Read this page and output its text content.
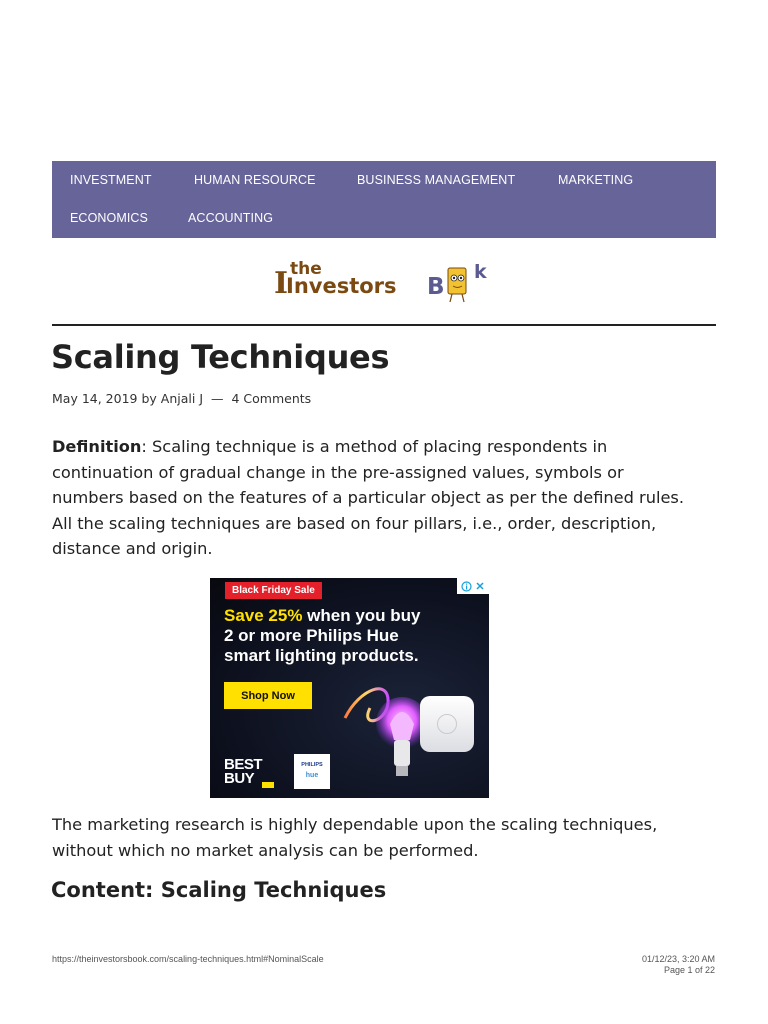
INVESTMENT	HUMAN RESOURCE	BUSINESS MANAGEMENT	MARKETING
ECONOMICS	ACCOUNTING
the
I
Investors B
k
Scaling Techniques
May 14, 2019 by Anjali J — 4 Comments
Definition: Scaling technique is a method of placing respondents in
continuation of gradual change in the pre-assigned values, symbols or
numbers based on the features of a particular object as per the defined rules.
All the scaling techniques are based on four pillars, i.e., order, description,
distance and origin.
Black Friday Sale
Save 25% when you buy
2 or more Philips Hue
smart lighting products.
Shop Now
BEST
BUY
PHILIPS
hue
The marketing research is highly dependable upon the scaling techniques,
without which no market analysis can be performed.
Content: Scaling Techniques
https://theinvestorsbook.com/scaling-techniques.html#NominalScale	01/12/23, 3:20 AM
Page 1 of 22
